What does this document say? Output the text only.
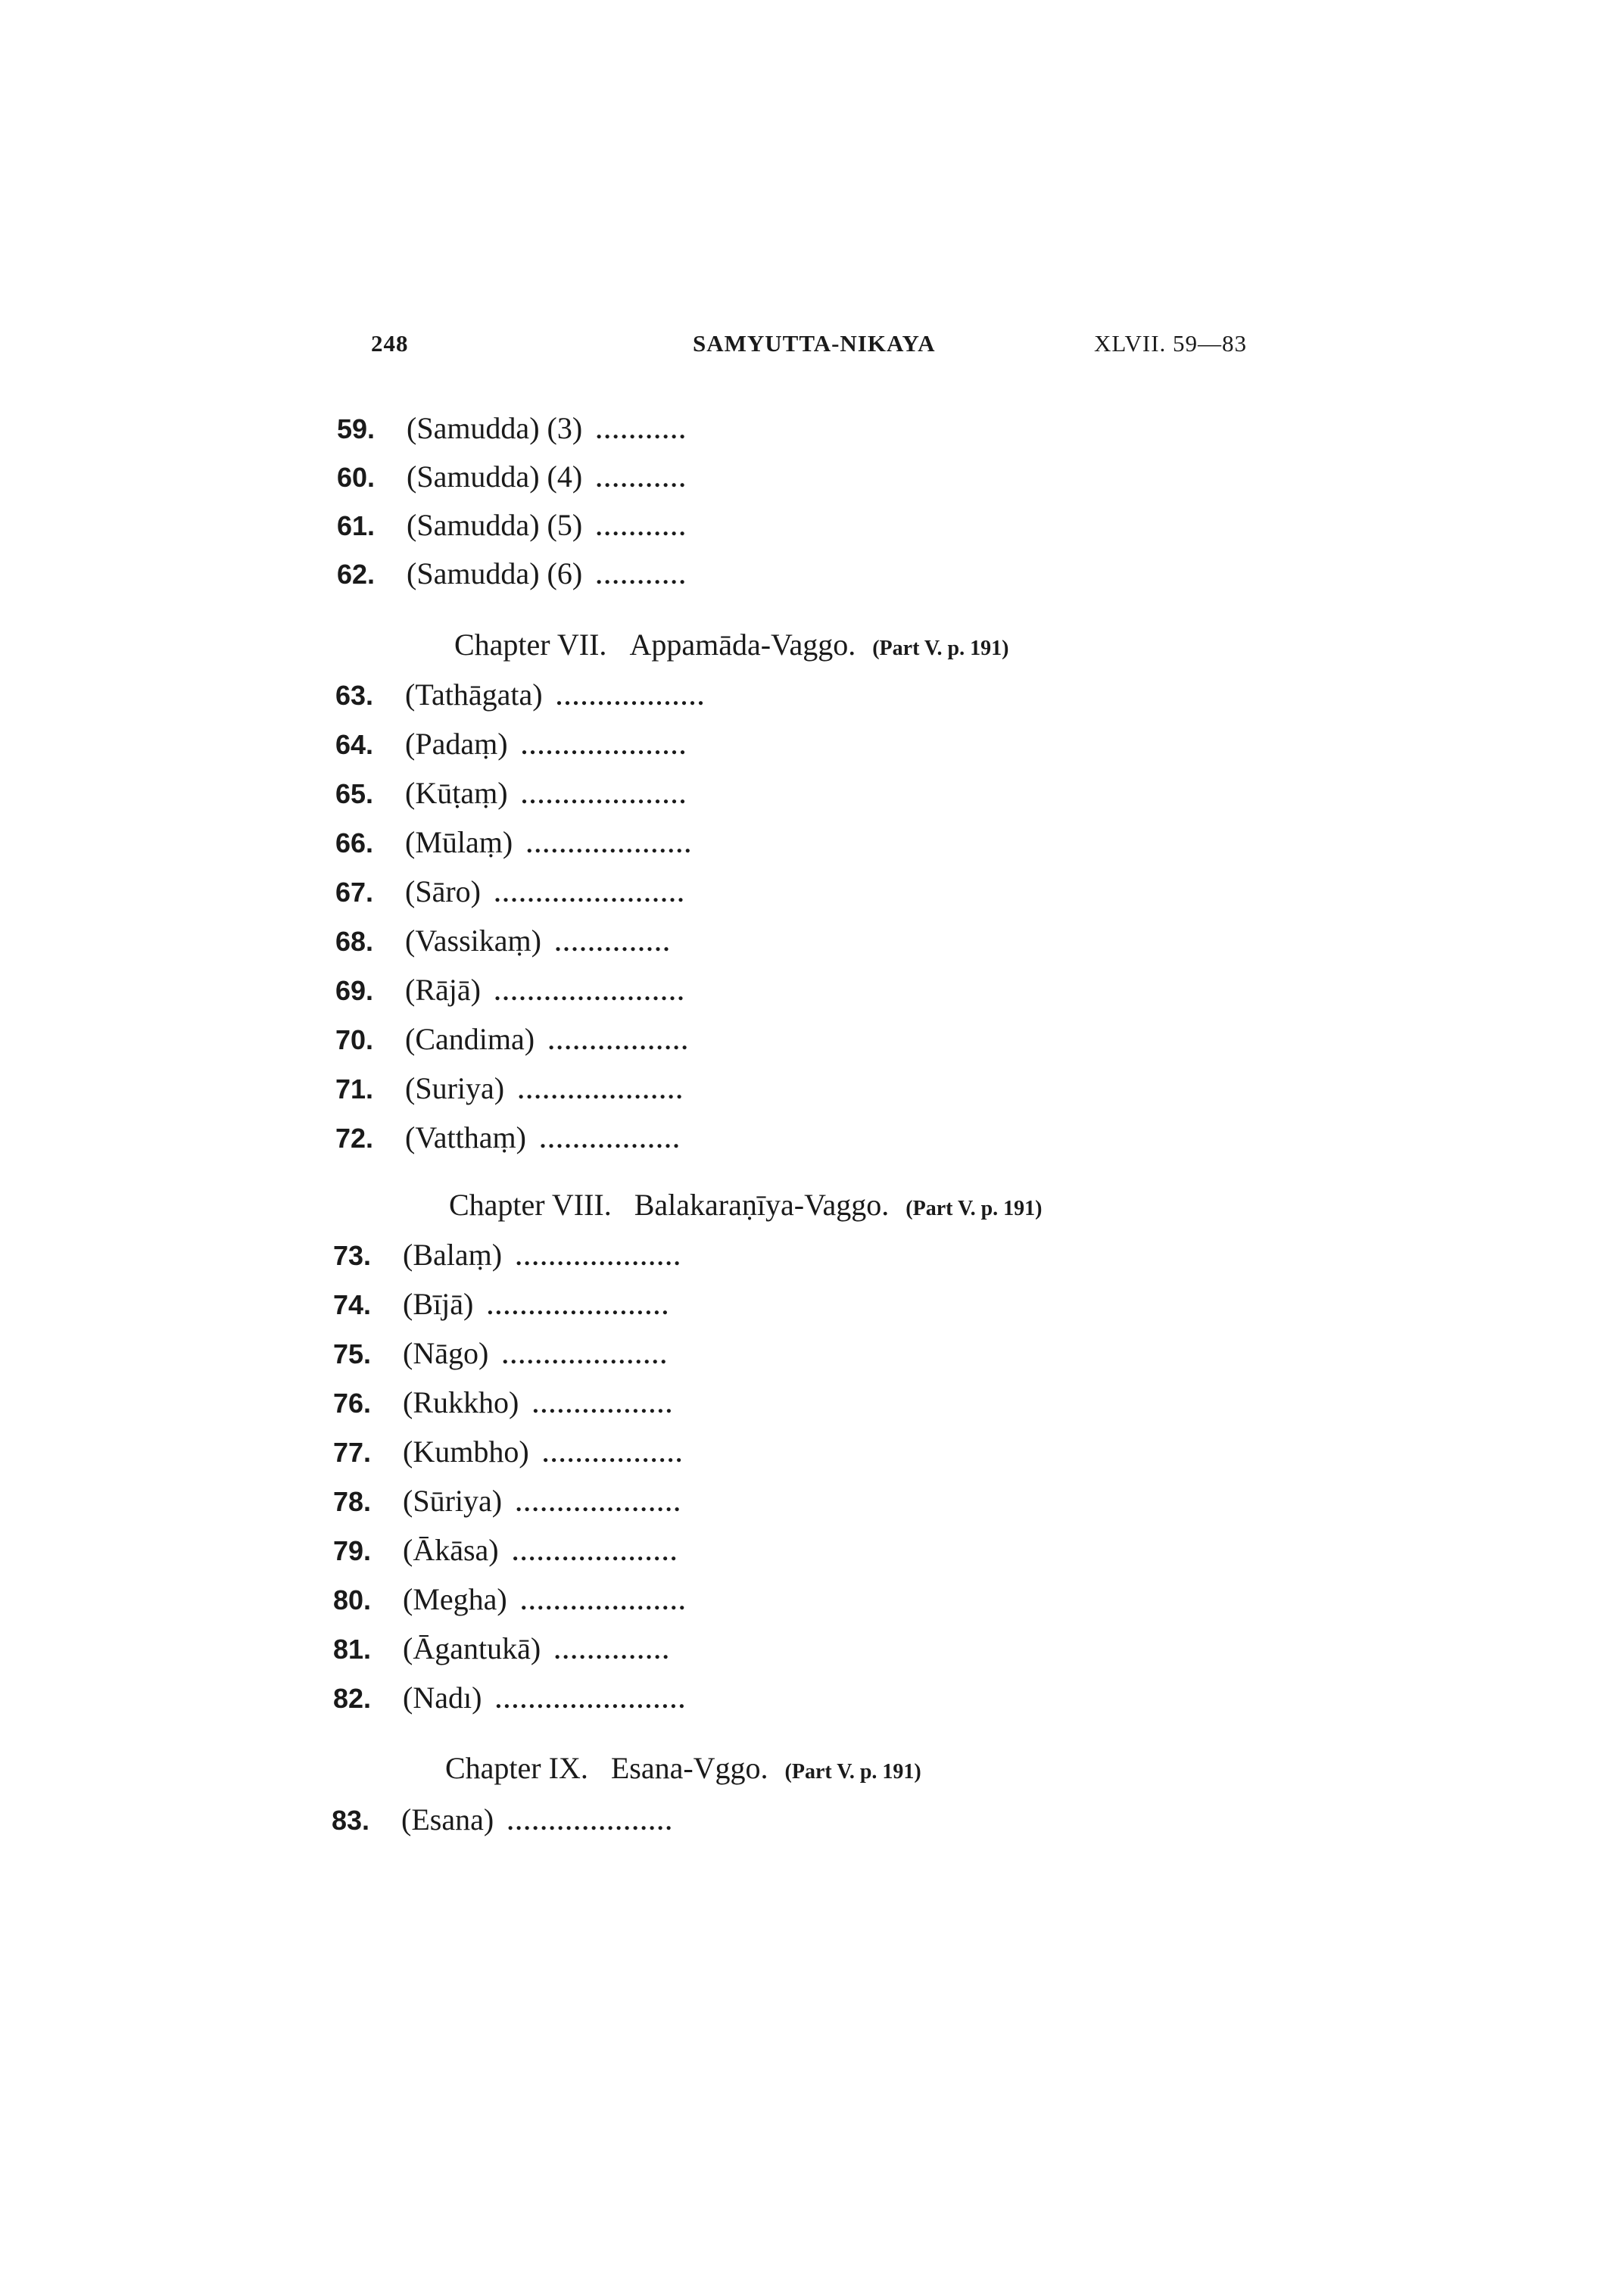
248	SAMYUTTA-NIKAYA	XLVII. 59—83
59. (Samudda) (3) ...........
60. (Samudda) (4) ...........
61. (Samudda) (5) ...........
62. (Samudda) (6) ...........
Chapter VII. Appamāda-Vaggo. (Part V. p. 191)
63. (Tathāgata) ..................
64. (Padaṃ) ....................
65. (Kūṭaṃ) ....................
66. (Mūlaṃ) ....................
67. (Sāro) .......................
68. (Vassikaṃ) ..............
69. (Rājā) .......................
70. (Candima) .................
71. (Suriya) ....................
72. (Vatthaṃ) .................
Chapter VIII. Balakaraṇīya-Vaggo. (Part V. p. 191)
73. (Balaṃ) ....................
74. (Bījā) ......................
75. (Nāgo) ....................
76. (Rukkho) .................
77. (Kumbho) .................
78. (Sūriya) ....................
79. (Ākāsa) ....................
80. (Megha) ....................
81. (Āgantukā) ..............
82. (Nadı) .......................
Chapter IX. Esana-Vggo. (Part V. p. 191)
83. (Esana) ....................
